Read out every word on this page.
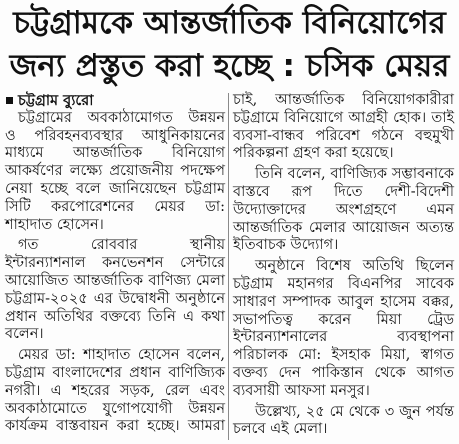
চট্টগ্রামকে আন্তর্জাতিক বিনিয়োগের
জন্য প্রস্তুত করা হচ্ছে : চসিক মেয়র
চট্টগ্রাম ব্যুরো
চট্টগ্রামের অবকাঠামোগত উন্নয়ন
ও পরিবহনব্যবস্থার আধুনিকায়নের
মাধ্যমে আন্তর্জাতিক বিনিয়োগ
আকর্ষণের লক্ষ্যে প্রয়োজনীয় পদক্ষেপ
নেয়া হচ্ছে বলে জানিয়েছেন চট্টগ্রাম
সিটি করপোরেশনের মেয়র ডা:
শাহাদাত হোসেন।
গত রোববার স্থানীয়
ইন্টারন্যাশনাল কনভেনশন সেন্টারে
আয়োজিত আন্তর্জাতিক বাণিজ্য মেলা
চট্টগ্রাম-২০২৫ এর উদ্বোধনী অনুষ্ঠানে
প্রধান অতিথির বক্তব্যে তিনি এ কথা
বলেন।
মেয়র ডা: শাহাদাত হোসেন বলেন,
চট্টগ্রাম বাংলাদেশের প্রধান বাণিজ্যিক
নগরী। এ শহরের সড়ক, রেল এবং
অবকাঠামোতে যুগোপযোগী উন্নয়ন
কার্যক্রম বাস্তবায়ন করা হচ্ছে। আমরা
চাই, আন্তর্জাতিক বিনিয়োগকারীরা
চট্টগ্রামে বিনিয়োগে আগ্রহী হোক। তাই
ব্যবসা-বান্ধব পরিবেশ গঠনে বহুমুখী
পরিকল্পনা গ্রহণ করা হয়েছে।
তিনি বলেন, বাণিজ্যিক সম্ভাবনাকে
বাস্তবে রূপ দিতে দেশী-বিদেশী
উদ্যোক্তাদের অংশগ্রহণে এমন
আন্তর্জাতিক মেলার আয়োজন অত্যন্ত
ইতিবাচক উদ্যোগ।
অনুষ্ঠানে বিশেষ অতিথি ছিলেন
চট্টগ্রাম মহানগর বিএনপির সাবেক
সাধারণ সম্পাদক আবুল হাসেম বক্কর,
সভাপতিত্ব করেন মিয়া ট্রেড
ইন্টারন্যাশনালের ব্যবস্থাপনা
পরিচালক মো: ইসহাক মিয়া, স্বাগত
বক্তব্য দেন পাকিস্তান থেকে আগত
ব্যবসায়ী আফসা মনসুর।
উল্লেখ্য, ২৫ মে থেকে ৩ জুন পর্যন্ত
চলবে এই মেলা।
